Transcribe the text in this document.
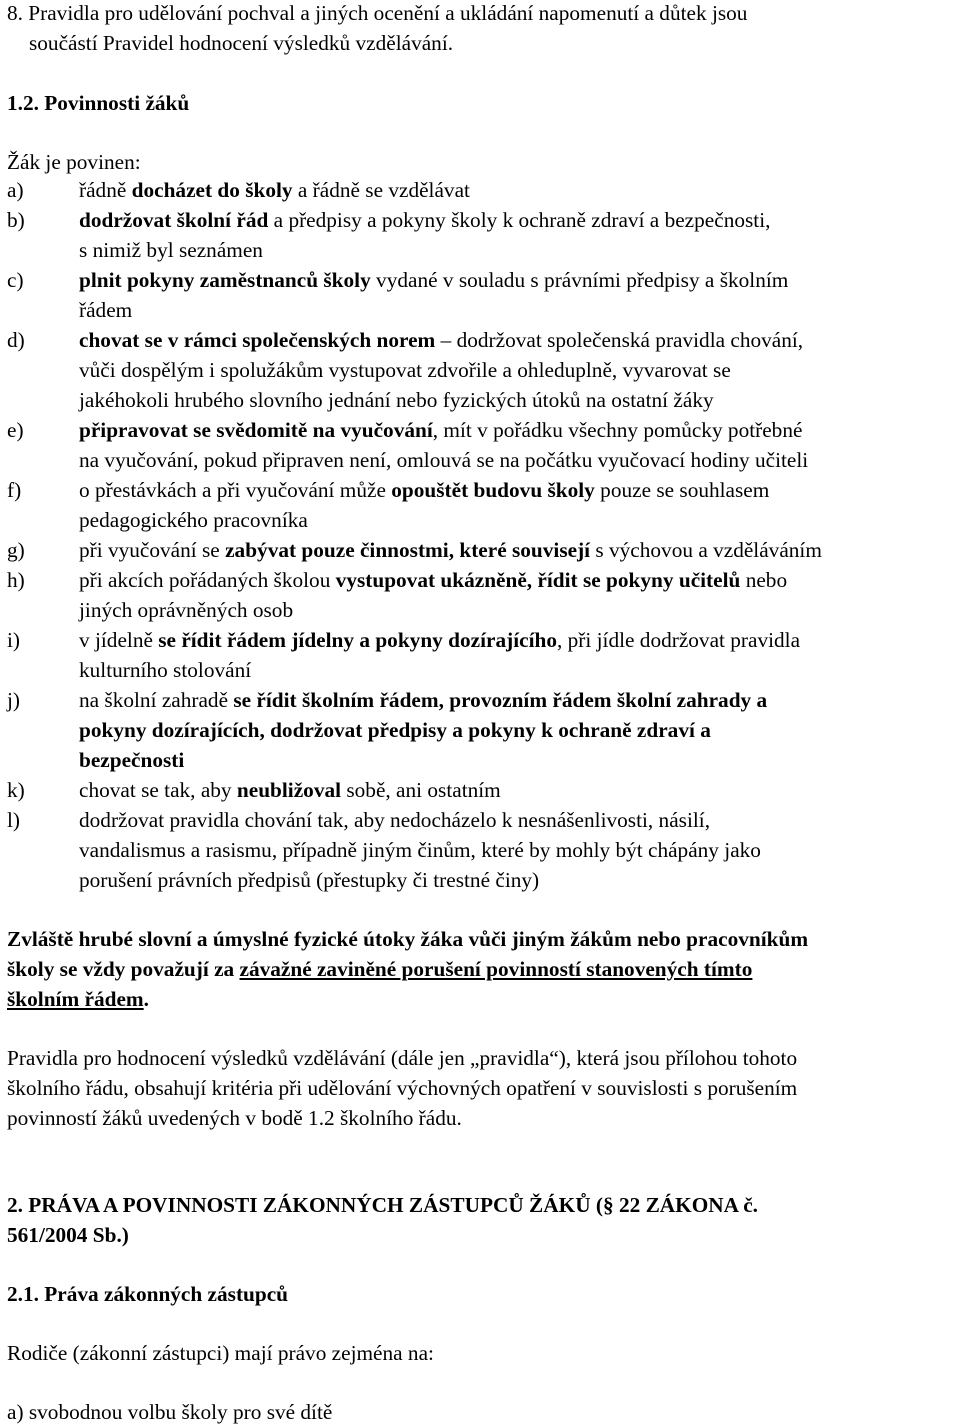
8. Pravidla pro udělování pochval a jiných ocenění a ukládání napomenutí a důtek jsou
součástí Pravidel hodnocení výsledků vzdělávání.
1.2. Povinnosti žáků
Žák je povinen:
a)	řádně docházet do školy a řádně se vzdělávat
b)	dodržovat školní řád a předpisy a pokyny školy k ochraně zdraví a bezpečnosti,
s nimiž byl seznámen
c)	plnit pokyny zaměstnanců školy vydané v souladu s právními předpisy a školním
řádem
d)	chovat se v rámci společenských norem – dodržovat společenská pravidla chování,
vůči dospělým i spolužákům vystupovat zdvořile a ohleduplně, vyvarovat se
jakéhokoli hrubého slovního jednání nebo fyzických útoků na ostatní žáky
e)	připravovat se svědomitě na vyučování, mít v pořádku všechny pomůcky potřebné
na vyučování, pokud připraven není, omlouvá se na počátku vyučovací hodiny učiteli
f)	o přestávkách a při vyučování může opouštět budovu školy pouze se souhlasem
pedagogického pracovníka
g)	při vyučování se zabývat pouze činnostmi, které souvisejí s výchovou a vzděláváním
h)	při akcích pořádaných školou vystupovat ukázněně, řídit se pokyny učitelů nebo
jiných oprávněných osob
i)	v jídelně se řídit řádem jídelny a pokyny dozírajícího, při jídle dodržovat pravidla
kulturního stolování
j)	na školní zahradě se řídit školním řádem, provozním řádem školní zahrady a
pokyny dozírajících, dodržovat předpisy a pokyny k ochraně zdraví a
bezpečnosti
k)	chovat se tak, aby neubližoval sobě, ani ostatním
l)	dodržovat pravidla chování tak, aby nedocházelo k nesnášenlivosti, násilí,
vandalismus a rasismu, případně jiným činům, které by mohly být chápány jako
porušení právních předpisů (přestupky či trestné činy)
Zvláště hrubé slovní a úmyslné fyzické útoky žáka vůči jiným žákům nebo pracovníkům
školy se vždy považují za závažné zaviněné porušení povinností stanovených tímto
školním řádem.
Pravidla pro hodnocení výsledků vzdělávání (dále jen „pravidla“), která jsou přílohou tohoto
školního řádu, obsahují kritéria při udělování výchovných opatření v souvislosti s porušením
povinností žáků uvedených v bodě 1.2 školního řádu.
2. PRÁVA A POVINNOSTI ZÁKONNÝCH ZÁSTUPCŮ ŽÁKŮ (§ 22 ZÁKONA č.
561/2004 Sb.)
2.1. Práva zákonných zástupců
Rodiče (zákonní zástupci) mají právo zejména na:
a) svobodnou volbu školy pro své dítě
